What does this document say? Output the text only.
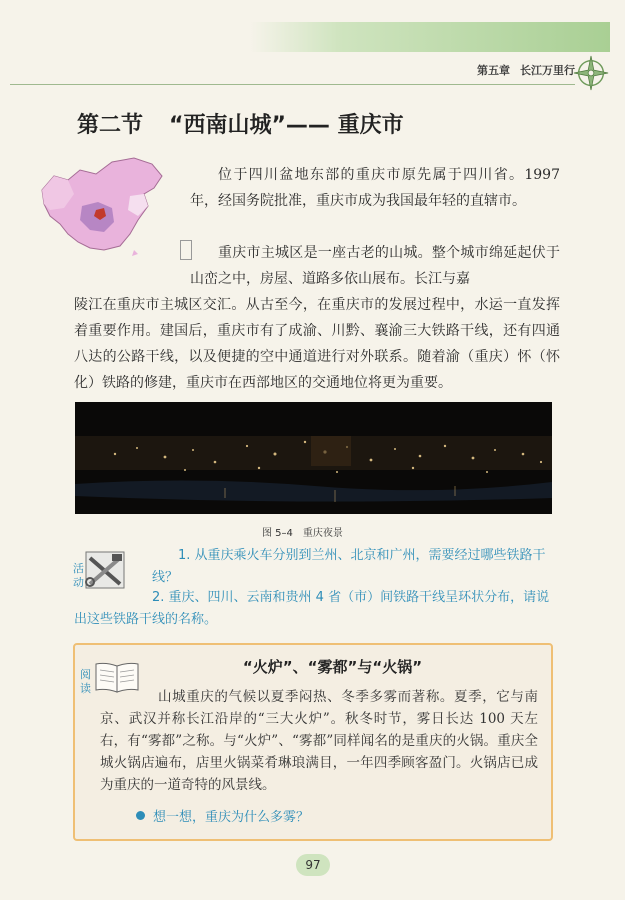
第五章 长江万里行
第二节 “西南山城”—— 重庆市

位于四川盆地东部的重庆市原先属于四川省。1997 年，经国务院批准，重庆市成为我国最年轻的直辖市。

重庆市主城区是一座古老的山城。整个城市绵延起伏于山峦之中，房屋、道路多依山展布。长江与嘉

陵江在重庆市主城区交汇。从古至今，在重庆市的发展过程中，水运一直发挥着重要作用。建国后，重庆市有了成渝、川黔、襄渝三大铁路干线，还有四通八达的公路干线，以及便捷的空中通道进行对外联系。随着渝（重庆）怀（怀化）铁路的修建，重庆市在西部地区的交通地位将更为重要。

图 5–4 重庆夜景
活动

1. 从重庆乘火车分别到兰州、北京和广州，需要经过哪些铁路干线？

2. 重庆、四川、云南和贵州 4 省（市）间铁路干线呈环状分布，请说出这些铁路干线的名称。

阅读
“火炉”、“雾都”与“火锅”

山城重庆的气候以夏季闷热、冬季多雾而著称。夏季，它与南京、武汉并称长江沿岸的“三大火炉”。秋冬时节，雾日长达 100 天左右，有“雾都”之称。与“火炉”、“雾都”同样闻名的是重庆的火锅。重庆全城火锅店遍布，店里火锅菜肴琳琅满目，一年四季顾客盈门。火锅店已成为重庆的一道奇特的风景线。

想一想，重庆为什么多雾？
97
